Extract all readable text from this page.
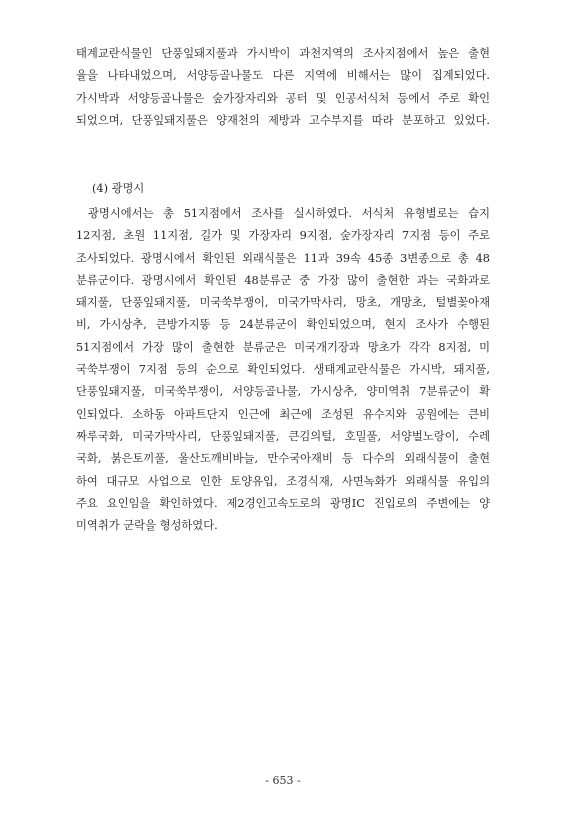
태계교란식물인 단풍잎돼지풀과 가시박이 과천지역의 조사지점에서 높은 출현
율을 나타내었으며, 서양등골나물도 다른 지역에 비해서는 많이 집계되었다.
가시박과 서양등골나물은 숲가장자리와 공터 및 인공서식처 등에서 주로 확인
되었으며, 단풍잎돼지풀은 양재천의 제방과 고수부지를 따라 분포하고 있었다.
(4) 광명시
광명시에서는 총 51지점에서 조사를 실시하였다. 서식처 유형별로는 습지
12지점, 초원 11지점, 길가 및 가장자리 9지점, 숲가장자리 7지점 등이 주로
조사되었다. 광명시에서 확인된 외래식물은 11과 39속 45종 3변종으로 총 48
분류군이다. 광명시에서 확인된 48분류군 중 가장 많이 출현한 과는 국화과로
돼지풀, 단풍잎돼지풀, 미국쑥부쟁이, 미국가막사리, 망초, 개망초, 털별꽃아재
비, 가시상추, 큰방가지똥 등 24분류군이 확인되었으며, 현지 조사가 수행된
51지점에서 가장 많이 출현한 분류군은 미국개기장과 망초가 각각 8지점, 미
국쑥부쟁이 7지점 등의 순으로 확인되었다. 생태계교란식물은 가시박, 돼지풀,
단풍잎돼지풀, 미국쑥부쟁이, 서양등골나물, 가시상추, 양미역취 7분류군이 확
인되었다. 소하동 아파트단지 인근에 최근에 조성된 유수지와 공원에는 큰비
짜루국화, 미국가막사리, 단풍잎돼지풀, 큰김의털, 호밀풀, 서양벌노랑이, 수레
국화, 붉은토끼풀, 울산도깨비바늘, 만수국아재비 등 다수의 외래식물이 출현
하여 대규모 사업으로 인한 토양유입, 조경식재, 사면녹화가 외래식물 유입의
주요 요인임을 확인하였다. 제2경인고속도로의 광명IC 진입로의 주변에는 양
미역취가 군락을 형성하였다.
- 653 -
